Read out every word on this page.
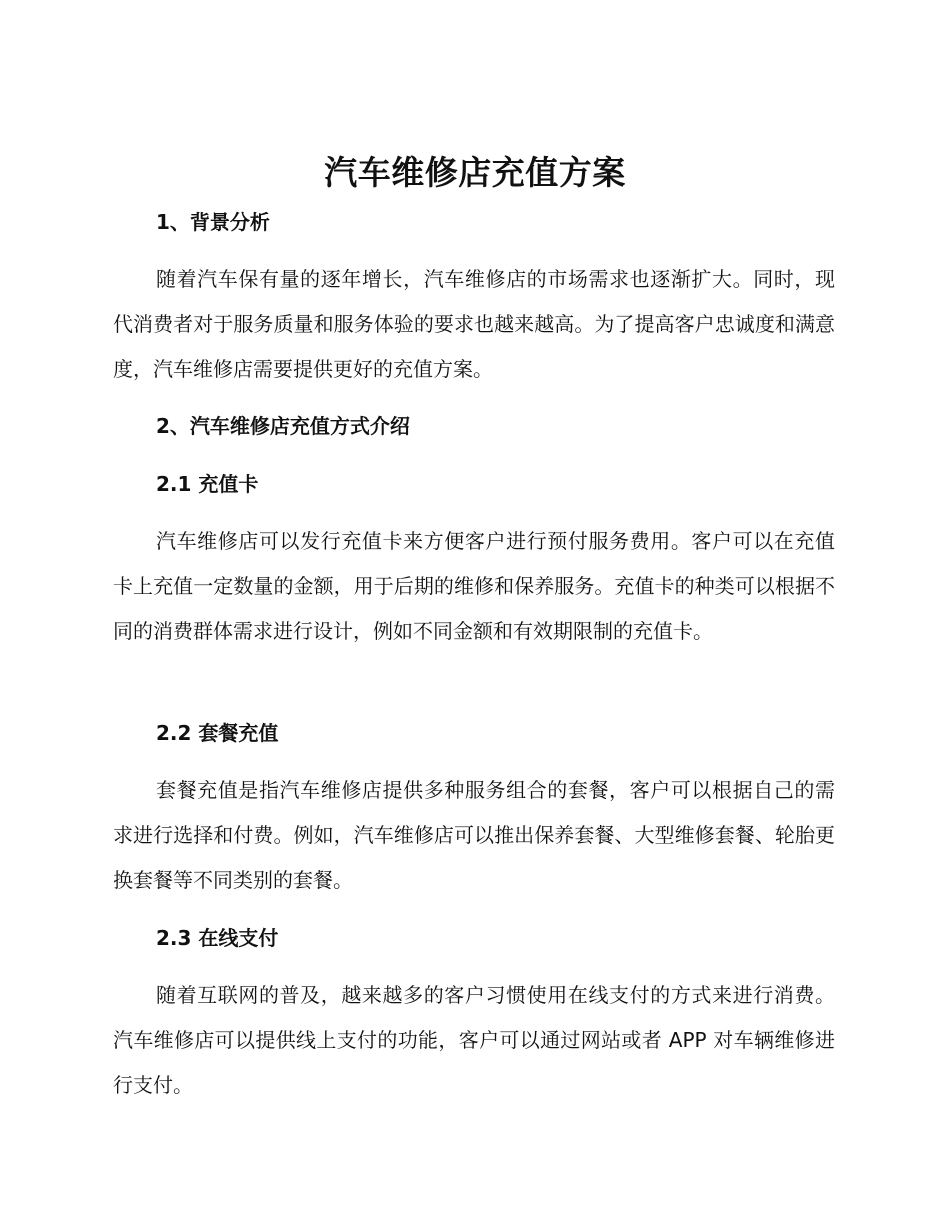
汽车维修店充值方案
1、背景分析

随着汽车保有量的逐年增长，汽车维修店的市场需求也逐渐扩大。同时，现代消费者对于服务质量和服务体验的要求也越来越高。为了提高客户忠诚度和满意度，汽车维修店需要提供更好的充值方案。

2、汽车维修店充值方式介绍
2.1 充值卡

汽车维修店可以发行充值卡来方便客户进行预付服务费用。客户可以在充值卡上充值一定数量的金额，用于后期的维修和保养服务。充值卡的种类可以根据不同的消费群体需求进行设计，例如不同金额和有效期限制的充值卡。

2.2 套餐充值

套餐充值是指汽车维修店提供多种服务组合的套餐，客户可以根据自己的需求进行选择和付费。例如，汽车维修店可以推出保养套餐、大型维修套餐、轮胎更换套餐等不同类别的套餐。

2.3 在线支付

随着互联网的普及，越来越多的客户习惯使用在线支付的方式来进行消费。汽车维修店可以提供线上支付的功能，客户可以通过网站或者 APP 对车辆维修进行支付。
